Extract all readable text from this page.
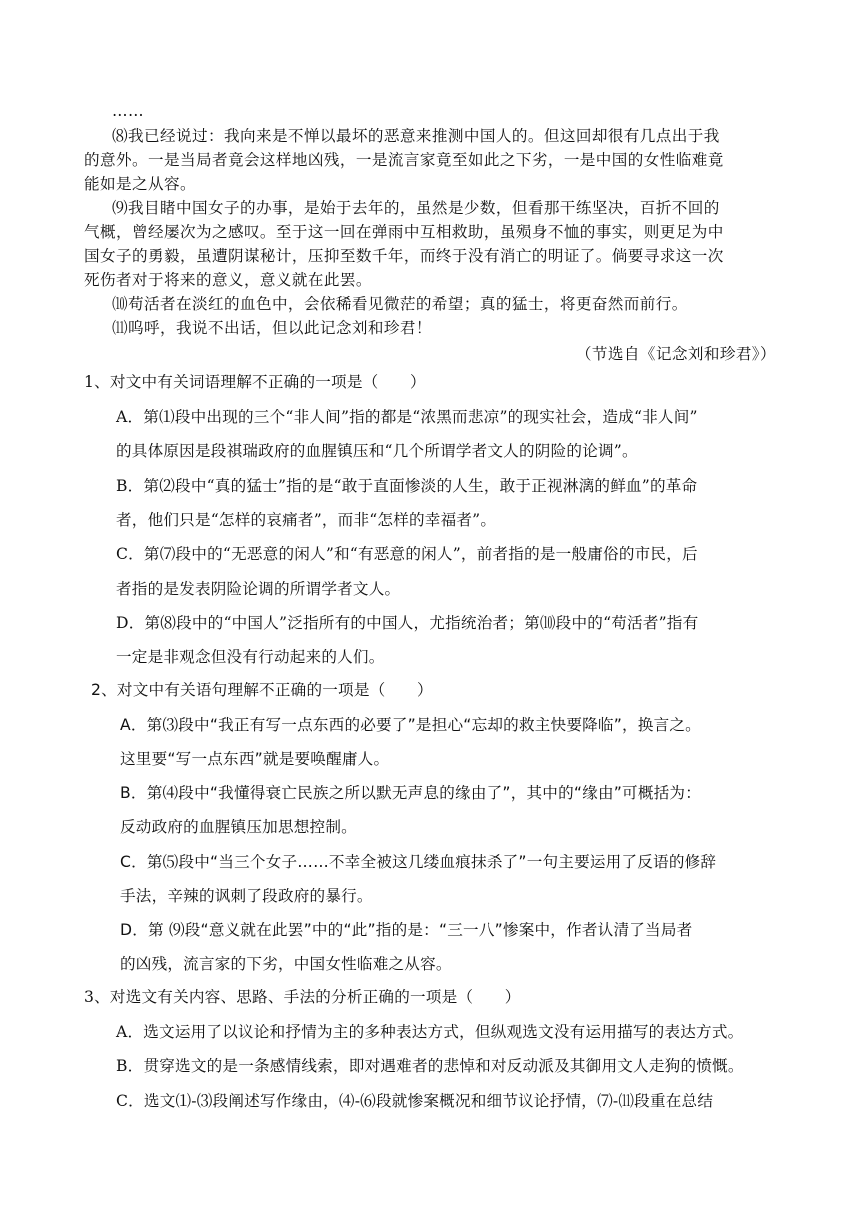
……
⑻我已经说过：我向来是不惮以最坏的恶意来推测中国人的。但这回却很有几点出于我
的意外。一是当局者竟会这样地凶残，一是流言家竟至如此之下劣，一是中国的女性临难竟
能如是之从容。
⑼我目睹中国女子的办事，是始于去年的，虽然是少数，但看那干练坚决，百折不回的
气概，曾经屡次为之感叹。至于这一回在弹雨中互相救助，虽殒身不恤的事实，则更足为中
国女子的勇毅，虽遭阴谋秘计，压抑至数千年，而终于没有消亡的明证了。倘要寻求这一次
死伤者对于将来的意义，意义就在此罢。
⑽苟活者在淡红的血色中，会依稀看见微茫的希望；真的猛士，将更奋然而前行。
⑾呜呼，我说不出话，但以此记念刘和珍君！
（节选自《记念刘和珍君》）
1、对文中有关词语理解不正确的一项是（　　）
A．第⑴段中出现的三个“非人间”指的都是“浓黑而悲凉”的现实社会，造成“非人间”
的具体原因是段祺瑞政府的血腥镇压和“几个所谓学者文人的阴险的论调”。
B．第⑵段中“真的猛士”指的是“敢于直面惨淡的人生，敢于正视淋漓的鲜血”的革命
者，他们只是“怎样的哀痛者”，而非“怎样的幸福者”。
C．第⑺段中的“无恶意的闲人”和“有恶意的闲人”，前者指的是一般庸俗的市民，后
者指的是发表阴险论调的所谓学者文人。
D．第⑻段中的“中国人”泛指所有的中国人，尤指统治者；第⑽段中的“苟活者”指有
一定是非观念但没有行动起来的人们。
2、对文中有关语句理解不正确的一项是（　　）
A．第⑶段中“我正有写一点东西的必要了”是担心“忘却的救主快要降临”，换言之。
这里要“写一点东西”就是要唤醒庸人。
B．第⑷段中“我懂得衰亡民族之所以默无声息的缘由了”，其中的“缘由”可概括为：
反动政府的血腥镇压加思想控制。
C．第⑸段中“当三个女子……不幸全被这几缕血痕抹杀了”一句主要运用了反语的修辞
手法，辛辣的讽刺了段政府的暴行。
D．第 ⑼段“意义就在此罢”中的“此”指的是：“三一八”惨案中，作者认清了当局者
的凶残，流言家的下劣，中国女性临难之从容。
3、对选文有关内容、思路、手法的分析正确的一项是（　　）
A．选文运用了以议论和抒情为主的多种表达方式，但纵观选文没有运用描写的表达方式。
B．贯穿选文的是一条感情线索，即对遇难者的悲悼和对反动派及其御用文人走狗的愤慨。
C．选文⑴-⑶段阐述写作缘由，⑷-⑹段就惨案概况和细节议论抒情，⑺-⑾段重在总结
